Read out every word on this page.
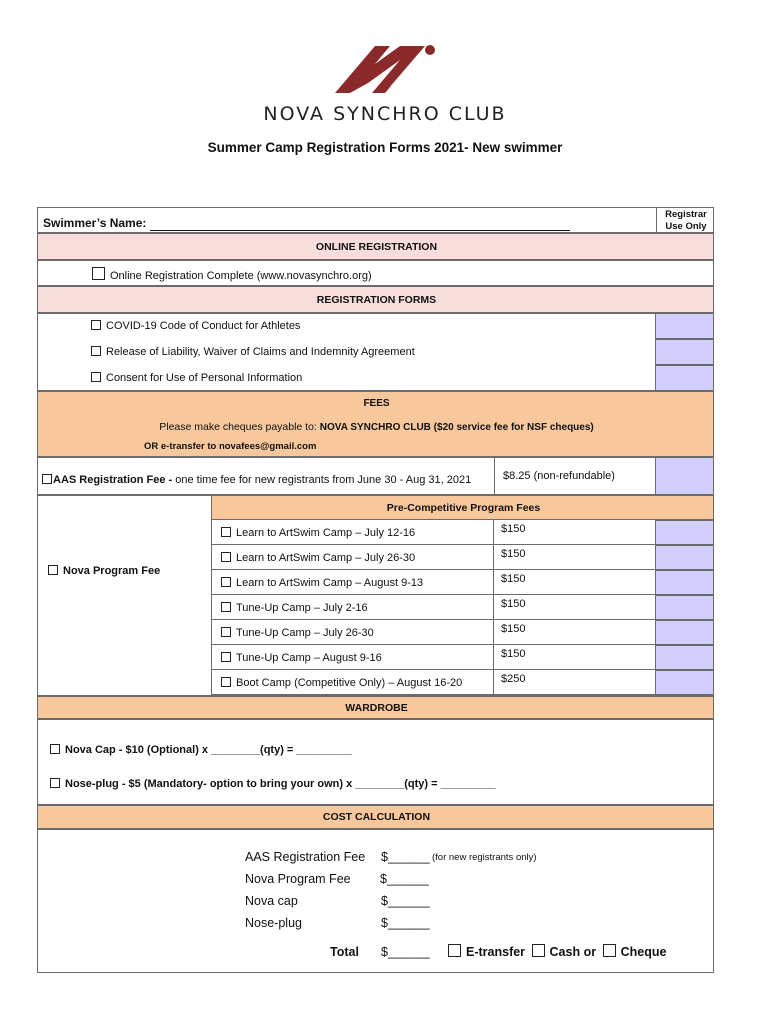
NOVA SYNCHRO CLUB
Summer Camp Registration Forms 2021- New swimmer
Swimmer’s Name:
Registrar
Use Only
ONLINE REGISTRATION
Online Registration Complete (www.novasynchro.org)
REGISTRATION FORMS
COVID-19 Code of Conduct for Athletes
Release of Liability, Waiver of Claims and Indemnity Agreement
Consent for Use of Personal Information
FEES
Please make cheques payable to: NOVA SYNCHRO CLUB ($20 service fee for NSF cheques)
OR e-transfer to novafees@gmail.com
AAS Registration Fee - one time fee for new registrants from June 30 - Aug 31, 2021	$8.25 (non-refundable)
Nova Program Fee
Pre-Competitive Program Fees
Learn to ArtSwim Camp – July 12-16	$150
Learn to ArtSwim Camp – July 26-30	$150
Learn to ArtSwim Camp – August 9-13	$150
Tune-Up Camp – July 2-16	$150
Tune-Up Camp – July 26-30	$150
Tune-Up Camp – August 9-16	$150
Boot Camp (Competitive Only) – August 16-20	$250
WARDROBE
Nova Cap - $10 (Optional) x ________(qty) = _________
Nose-plug - $5 (Mandatory- option to bring your own) x ________(qty) = _________
COST CALCULATION
AAS Registration Fee $______ (for new registrants only)
Nova Program Fee $______
Nova cap	$______
Nose-plug	$______
Total $______	E-transfer Cash or Cheque
